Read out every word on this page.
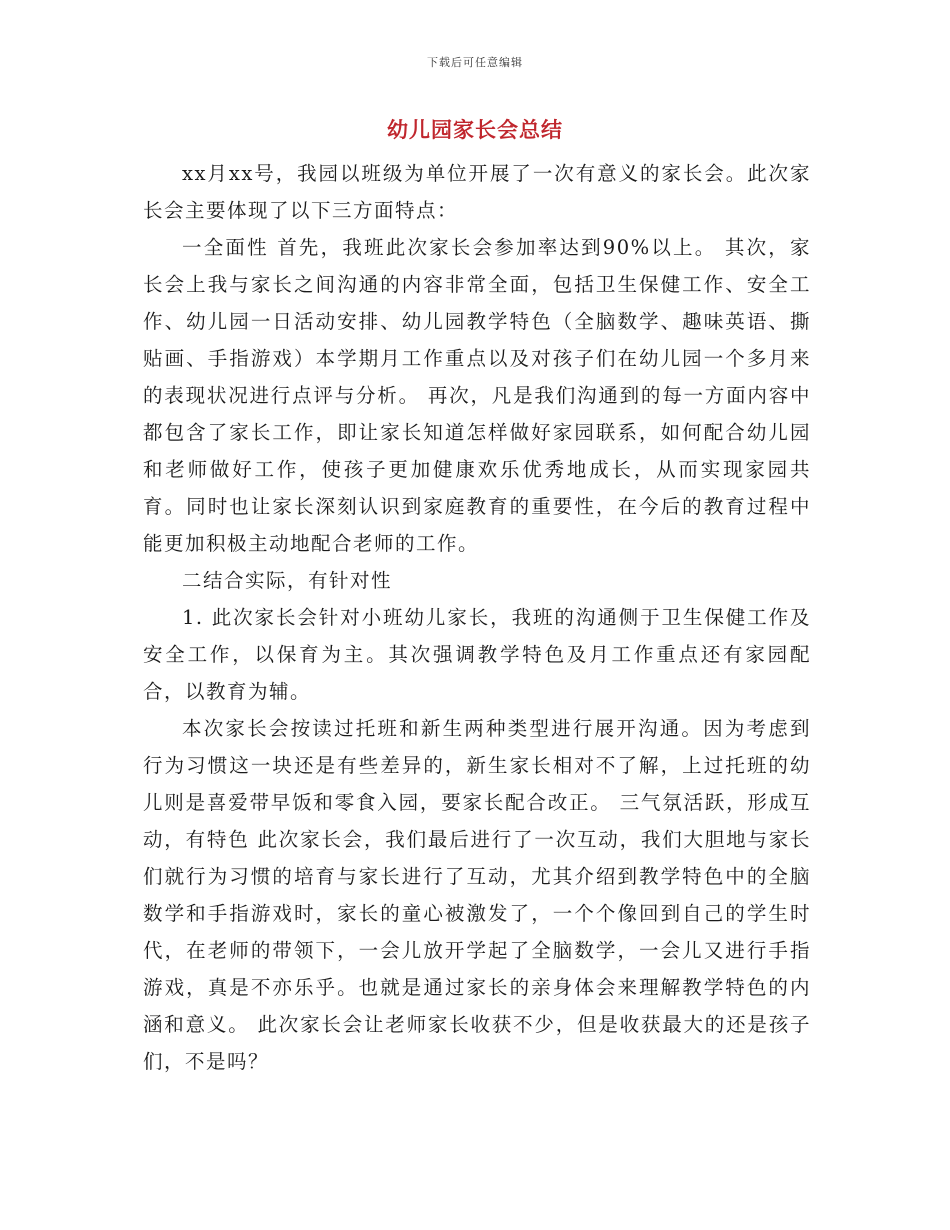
下载后可任意编辑
幼儿园家长会总结

xx月xx号，我园以班级为单位开展了一次有意义的家长会。此次家长会主要体现了以下三方面特点：

一全面性 首先，我班此次家长会参加率达到90%以上。 其次，家长会上我与家长之间沟通的内容非常全面，包括卫生保健工作、安全工作、幼儿园一日活动安排、幼儿园教学特色（全脑数学、趣味英语、撕贴画、手指游戏）本学期月工作重点以及对孩子们在幼儿园一个多月来的表现状况进行点评与分析。 再次，凡是我们沟通到的每一方面内容中都包含了家长工作，即让家长知道怎样做好家园联系，如何配合幼儿园和老师做好工作，使孩子更加健康欢乐优秀地成长，从而实现家园共育。同时也让家长深刻认识到家庭教育的重要性，在今后的教育过程中能更加积极主动地配合老师的工作。

二结合实际，有针对性

1. 此次家长会针对小班幼儿家长，我班的沟通侧于卫生保健工作及安全工作，以保育为主。其次强调教学特色及月工作重点还有家园配合，以教育为辅。

本次家长会按读过托班和新生两种类型进行展开沟通。因为考虑到行为习惯这一块还是有些差异的，新生家长相对不了解，上过托班的幼儿则是喜爱带早饭和零食入园，要家长配合改正。 三气氛活跃，形成互动，有特色 此次家长会，我们最后进行了一次互动，我们大胆地与家长们就行为习惯的培育与家长进行了互动，尤其介绍到教学特色中的全脑数学和手指游戏时，家长的童心被激发了，一个个像回到自己的学生时代，在老师的带领下，一会儿放开学起了全脑数学，一会儿又进行手指游戏，真是不亦乐乎。也就是通过家长的亲身体会来理解教学特色的内涵和意义。 此次家长会让老师家长收获不少，但是收获最大的还是孩子们，不是吗？
